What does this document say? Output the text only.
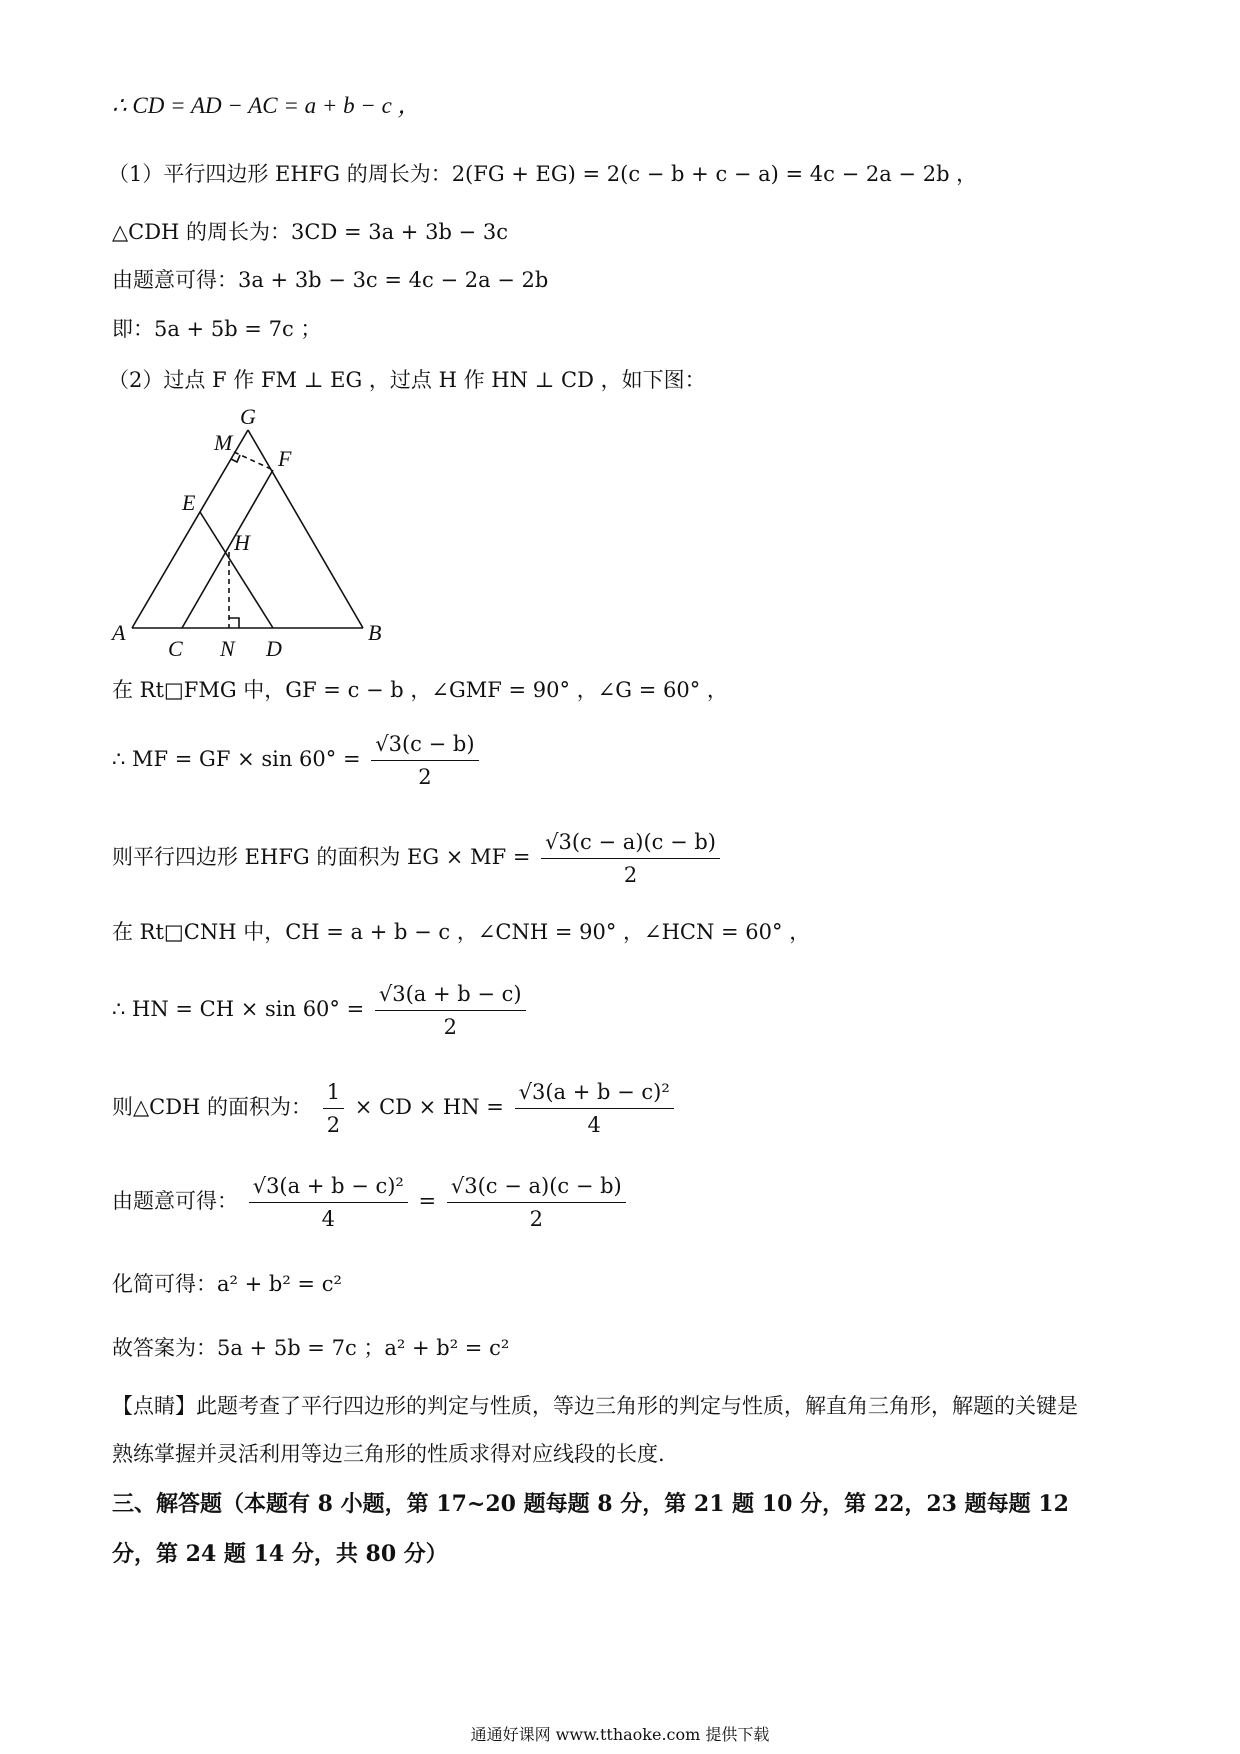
∴ CD = AD − AC = a + b − c ，
（1）平行四边形 EHFG 的周长为：2(FG + EG) = 2(c − b + c − a) = 4c − 2a − 2b ，
△CDH 的周长为：3CD = 3a + 3b − 3c
由题意可得：3a + 3b − 3c = 4c − 2a − 2b
即：5a + 5b = 7c ；
（2）过点 F 作 FM ⊥ EG ，过点 H 作 HN ⊥ CD ，如下图：
G
M
F
E
H
A
C N D
B
在 Rt□FMG 中，GF = c − b ，∠GMF = 90° ，∠G = 60° ，
∴ MF = GF × $\sin 60^\circ = \frac{√3(c - b)}{2}$
则平行四边形 EHFG 的面积为 EG × MF = $\frac{√3(c - a)(c - b)}{2}$
在 Rt□CNH 中，CH = a + b − c ，∠CNH = 90° ，∠HCN = 60° ，
∴ HN = CH × $\sin 60^\circ = \frac{√3(a + b - c)}{2}$
则△CDH 的面积为： $\frac{1}{2}$ × CD × HN = $\frac{\text{√3(a + b − c)²}}{4}$
由题意可得： $\frac{\text{√3(a + b − c)²}}{4} = \frac{√3(c - a)(c - b)}{2}$
化简可得：a² + b² = c²
故答案为：5a + 5b = 7c ；a² + b² = c²
【点睛】此题考查了平行四边形的判定与性质，等边三角形的判定与性质，解直角三角形，解题的关键是
熟练掌握并灵活利用等边三角形的性质求得对应线段的长度.
三、解答题（本题有 8 小题，第 17~20 题每题 8 分，第 21 题 10 分，第 22，23 题每题 12
分，第 24 题 14 分，共 80 分）
通通好课网 www.tthaoke.com 提供下载
